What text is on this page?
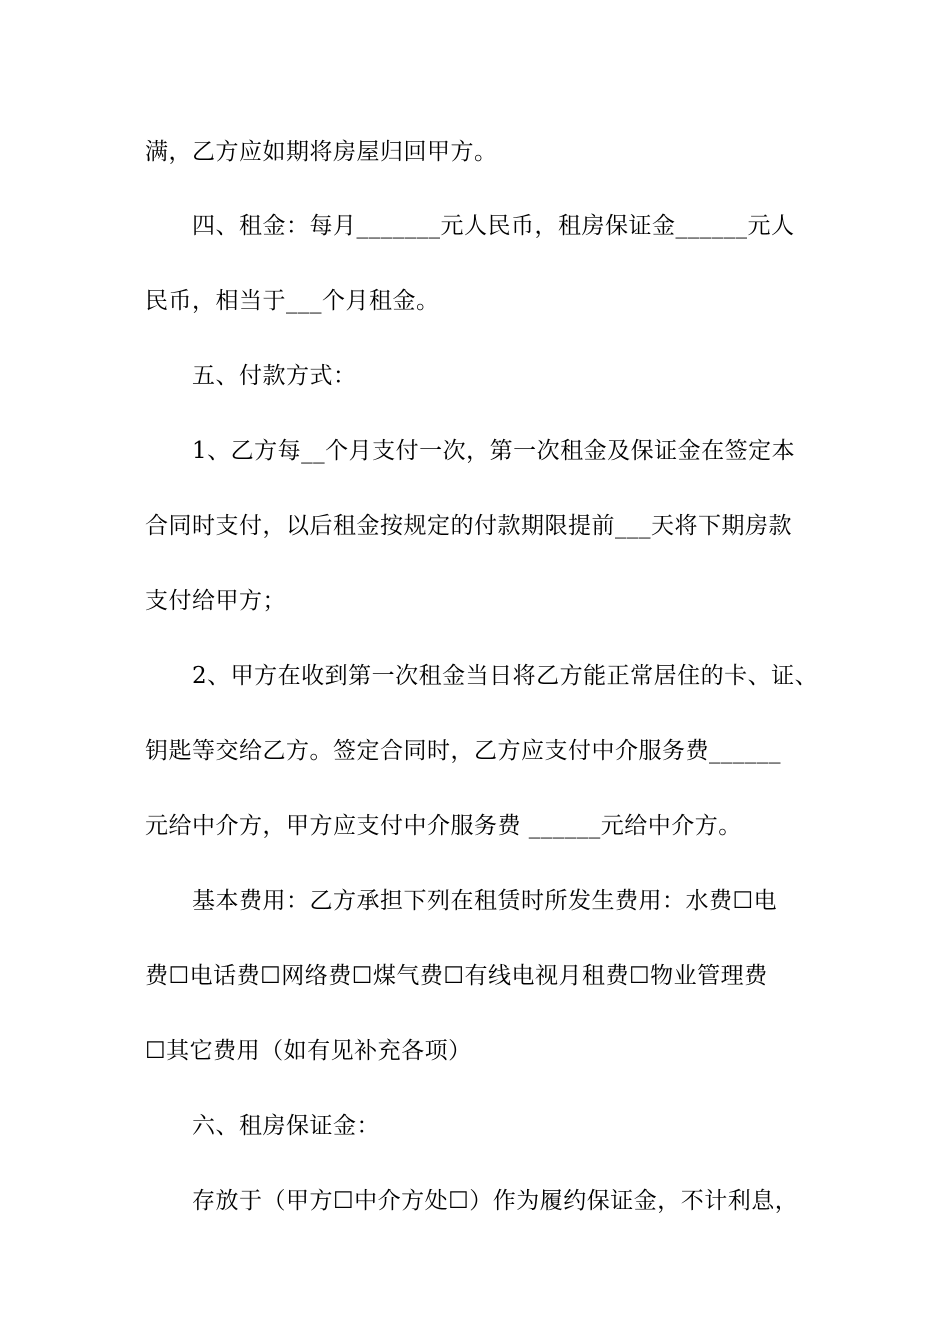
满，乙方应如期将房屋归回甲方。
四、租金：每月_______元人民币，租房保证金______元人
民币，相当于___个月租金。
五、付款方式：
1、乙方每__个月支付一次，第一次租金及保证金在签定本
合同时支付，以后租金按规定的付款期限提前___天将下期房款
支付给甲方；
2、甲方在收到第一次租金当日将乙方能正常居住的卡、证、
钥匙等交给乙方。签定合同时，乙方应支付中介服务费______
元给中介方，甲方应支付中介服务费 ______元给中介方。
基本费用：乙方承担下列在租赁时所发生费用：水费☐电
费☐电话费☐网络费☐煤气费☐有线电视月租费☐物业管理费
☐其它费用（如有见补充各项）
六、租房保证金：
存放于（甲方☐中介方处☐）作为履约保证金，不计利息，
